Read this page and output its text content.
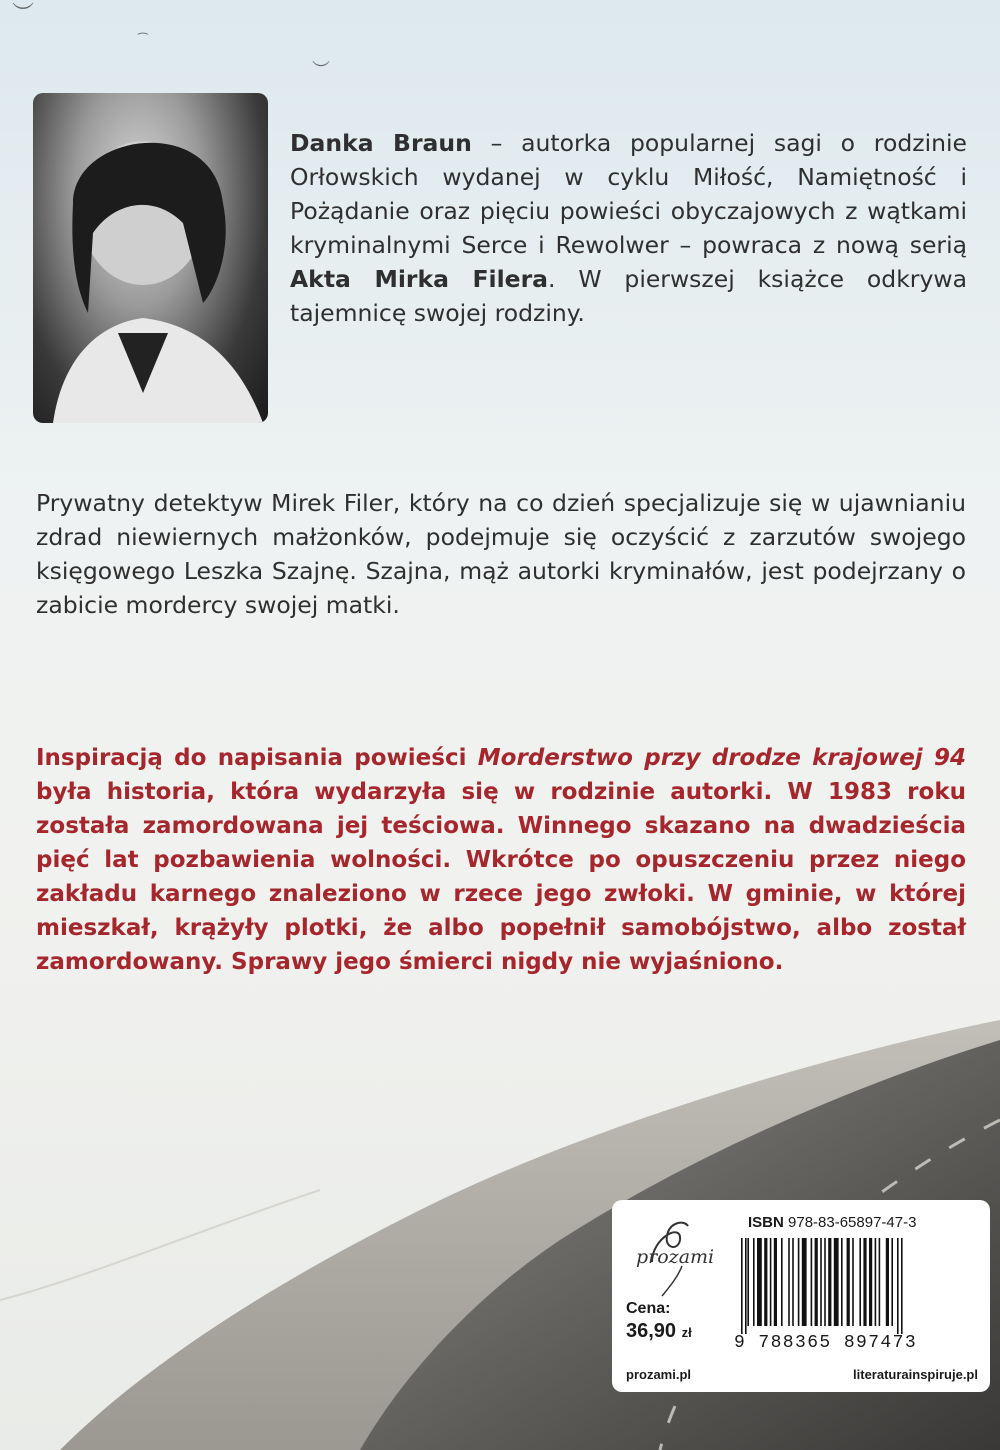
︶
︶
⁀

Danka Braun – autorka popularnej sagi o rodzinie Orłowskich wydanej w cyklu Miłość, Namiętność i Pożądanie oraz pięciu powieści obyczajowych z wątkami kryminalnymi Serce i Rewolwer – powraca z nową serią Akta Mirka Filera. W pierwszej książce odkrywa tajemnicę swojej rodziny.

Prywatny detektyw Mirek Filer, który na co dzień specjalizuje się w ujawnianiu zdrad niewiernych małżonków, podejmuje się oczyścić z zarzutów swojego księgowego Leszka Szajnę. Szajna, mąż autorki kryminałów, jest podejrzany o zabicie mordercy swojej matki.

Inspiracją do napisania powieści Morderstwo przy drodze krajowej 94 była historia, która wydarzyła się w rodzinie autorki. W 1983 roku została zamordowana jej teściowa. Winnego skazano na dwadzieścia pięć lat pozbawienia wolności. Wkrótce po opuszczeniu przez niego zakładu karnego znaleziono w rzece jego zwłoki. W gminie, w której mieszkał, krążyły plotki, że albo popełnił samobójstwo, albo został zamordowany. Sprawy jego śmierci nigdy nie wyjaśniono.

prozami
ISBN 978-83-65897-47-3
9 788365 897473
Cena:
36,90 zł
prozami.pl	literaturainspiruje.pl
